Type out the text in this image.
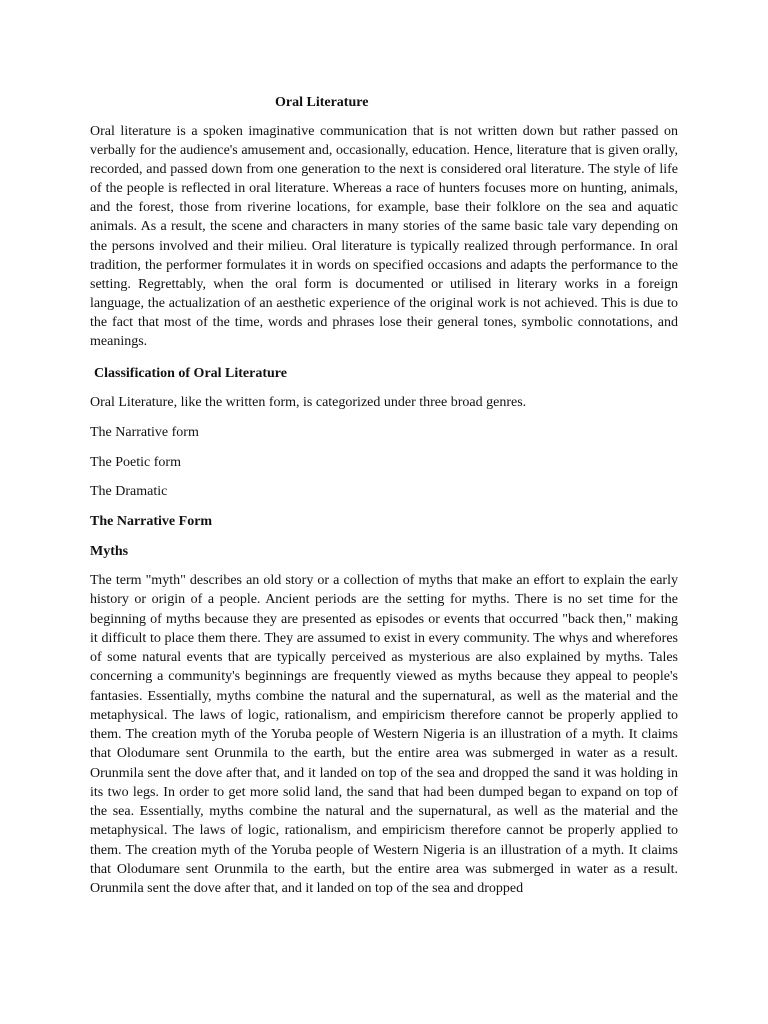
Oral Literature

Oral literature is a spoken imaginative communication that is not written down but rather passed on verbally for the audience's amusement and, occasionally, education. Hence, literature that is given orally, recorded, and passed down from one generation to the next is considered oral literature. The style of life of the people is reflected in oral literature. Whereas a race of hunters focuses more on hunting, animals, and the forest, those from riverine locations, for example, base their folklore on the sea and aquatic animals. As a result, the scene and characters in many stories of the same basic tale vary depending on the persons involved and their milieu. Oral literature is typically realized through performance. In oral tradition, the performer formulates it in words on specified occasions and adapts the performance to the setting. Regrettably, when the oral form is documented or utilised in literary works in a foreign language, the actualization of an aesthetic experience of the original work is not achieved. This is due to the fact that most of the time, words and phrases lose their general tones, symbolic connotations, and meanings.

Classification of Oral Literature

Oral Literature, like the written form, is categorized under three broad genres.

The Narrative form

The Poetic form

The Dramatic

The Narrative Form

Myths

The term "myth" describes an old story or a collection of myths that make an effort to explain the early history or origin of a people. Ancient periods are the setting for myths. There is no set time for the beginning of myths because they are presented as episodes or events that occurred "back then," making it difficult to place them there. They are assumed to exist in every community. The whys and wherefores of some natural events that are typically perceived as mysterious are also explained by myths. Tales concerning a community's beginnings are frequently viewed as myths because they appeal to people's fantasies. Essentially, myths combine the natural and the supernatural, as well as the material and the metaphysical. The laws of logic, rationalism, and empiricism therefore cannot be properly applied to them. The creation myth of the Yoruba people of Western Nigeria is an illustration of a myth. It claims that Olodumare sent Orunmila to the earth, but the entire area was submerged in water as a result. Orunmila sent the dove after that, and it landed on top of the sea and dropped the sand it was holding in its two legs. In order to get more solid land, the sand that had been dumped began to expand on top of the sea. Essentially, myths combine the natural and the supernatural, as well as the material and the metaphysical. The laws of logic, rationalism, and empiricism therefore cannot be properly applied to them. The creation myth of the Yoruba people of Western Nigeria is an illustration of a myth. It claims that Olodumare sent Orunmila to the earth, but the entire area was submerged in water as a result. Orunmila sent the dove after that, and it landed on top of the sea and dropped
